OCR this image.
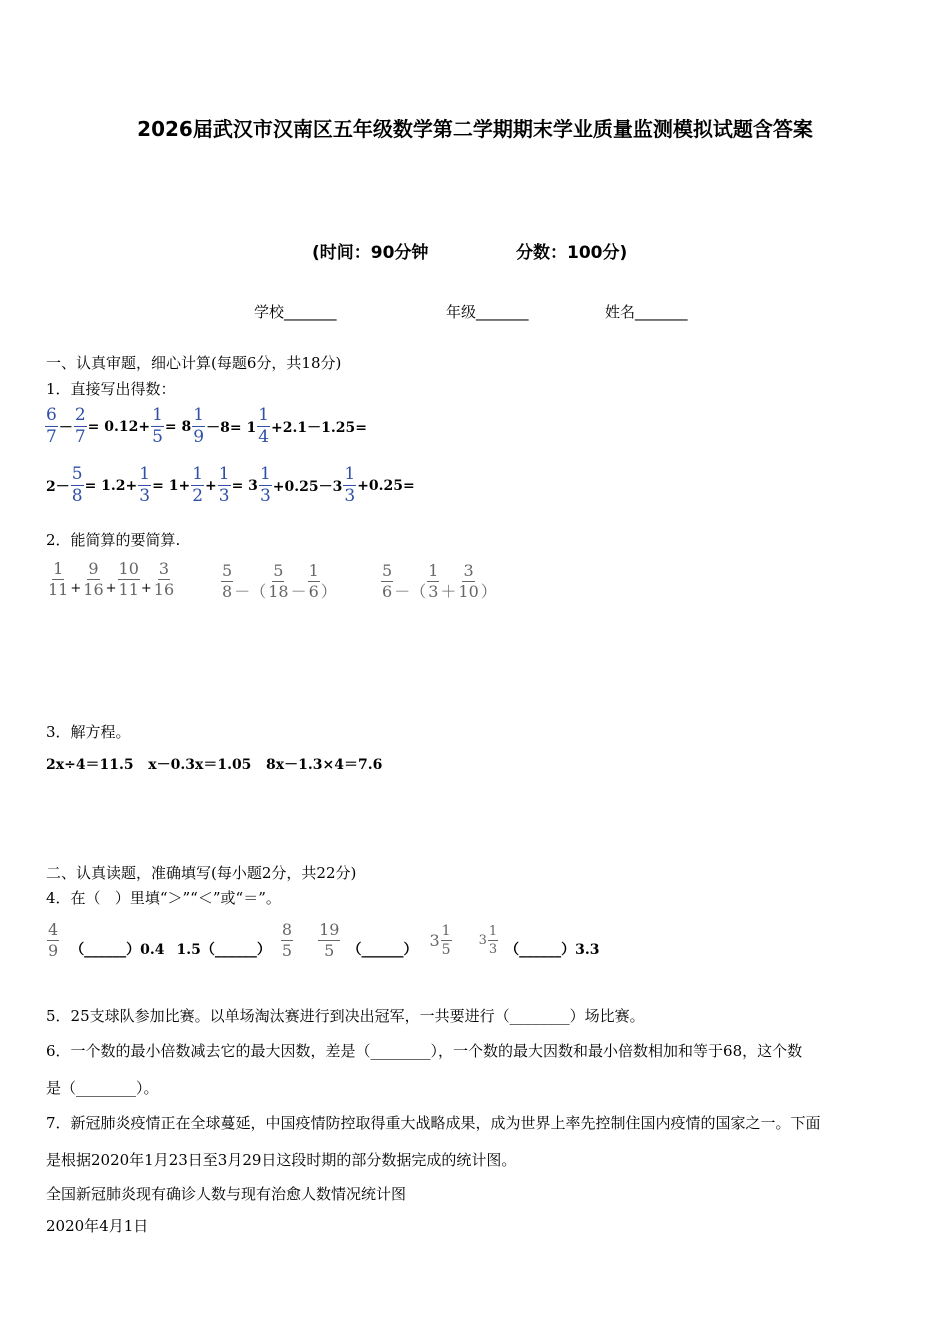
2026届武汉市汉南区五年级数学第二学期期末学业质量监测模拟试题含答案
(时间：90分钟	分数：100分)
学校_______	年级_______	姓名_______
一、认真审题，细心计算(每题6分，共18分)
1．直接写出得数：
$\frac{6}{7} - \frac{2}{7} = 0.12+ \frac{1}{5} = 8 \frac{1}{9} -8= 1 \frac{1}{4} +2.1-1.25=$
$2- \frac{5}{8} = 1.2+ \frac{1}{3} = 1+ \frac{1}{2} + \frac{1}{3} = 3 \frac{1}{3} +0.25-3 \frac{1}{3} +0.25=$
2．能简算的要简算.
$\frac{1}{11} + \frac{9}{16} + \frac{10}{11} + \frac{3}{16}$	$\frac{5}{8}$ －（ $\frac{5}{18} - \frac{1}{6}$ ）	$\frac{5}{6}$ －（ $\frac{1}{3} + \frac{3}{10}$ ）
3．解方程。
2x÷4＝11.5   x－0.3x＝1.05   8x－1.3×4＝7.6
二、认真读题，准确填写(每小题2分，共22分)
4．在（   ）里填“＞”“＜”或“＝”。
$\frac{4}{9}$ （______）0.4 1.5（______） $\frac{8}{5} \frac{19}{5}$ （______） $3 \frac{1}{5} 3 \frac{1}{3}$ （______）3.3
5．25支球队参加比赛。以单场淘汰赛进行到决出冠军，一共要进行（________）场比赛。
6．一个数的最小倍数减去它的最大因数，差是（________），一个数的最大因数和最小倍数相加和等于68，这个数
是（________）。
7．新冠肺炎疫情正在全球蔓延，中国疫情防控取得重大战略成果，成为世界上率先控制住国内疫情的国家之一。下面
是根据2020年1月23日至3月29日这段时期的部分数据完成的统计图。
全国新冠肺炎现有确诊人数与现有治愈人数情况统计图
2020年4月1日
